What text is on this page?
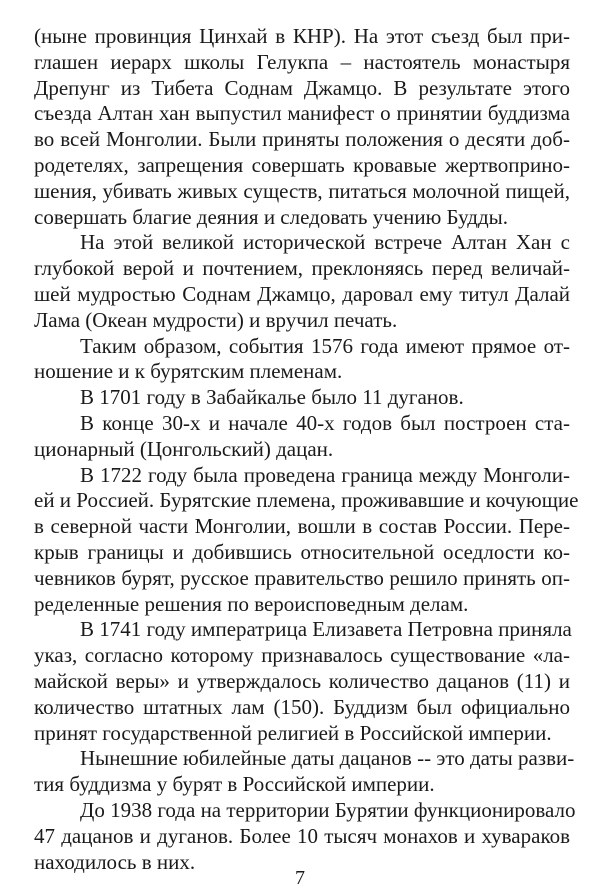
(ныне провинция Цинхай в КНР). На этот съезд был при-
глашен иерарх школы Гелукпа – настоятель монастыря
Дрепунг из Тибета Соднам Джамцо. В результате этого
съезда Алтан хан выпустил манифест о принятии буддизма
во всей Монголии. Были приняты положения о десяти доб-
родетелях, запрещения совершать кровавые жертвоприно-
шения, убивать живых существ, питаться молочной пищей,
совершать благие деяния и следовать учению Будды.
На этой великой исторической встрече Алтан Хан с
глубокой верой и почтением, преклоняясь перед величай-
шей мудростью Соднам Джамцо, даровал ему титул Далай
Лама (Океан мудрости) и вручил печать.
Таким образом, события 1576 года имеют прямое от-
ношение и к бурятским племенам.
В 1701 году в Забайкалье было 11 дуганов.
В конце 30-х и начале 40-х годов был построен ста-
ционарный (Цонгольский) дацан.
В 1722 году была проведена граница между Монголи-
ей и Россией. Бурятские племена, проживавшие и кочующие
в северной части Монголии, вошли в состав России. Пере-
крыв границы и добившись относительной оседлости ко-
чевников бурят, русское правительство решило принять оп-
ределенные решения по вероисповедным делам.
В 1741 году императрица Елизавета Петровна приняла
указ, согласно которому признавалось существование «ла-
майской веры» и утверждалось количество дацанов (11) и
количество штатных лам (150). Буддизм был официально
принят государственной религией в Российской империи.
Нынешние юбилейные даты дацанов -- это даты разви-
тия буддизма у бурят в Российской империи.
До 1938 года на территории Бурятии функционировало
47 дацанов и дуганов. Более 10 тысяч монахов и хувараков
находилось в них.
7
